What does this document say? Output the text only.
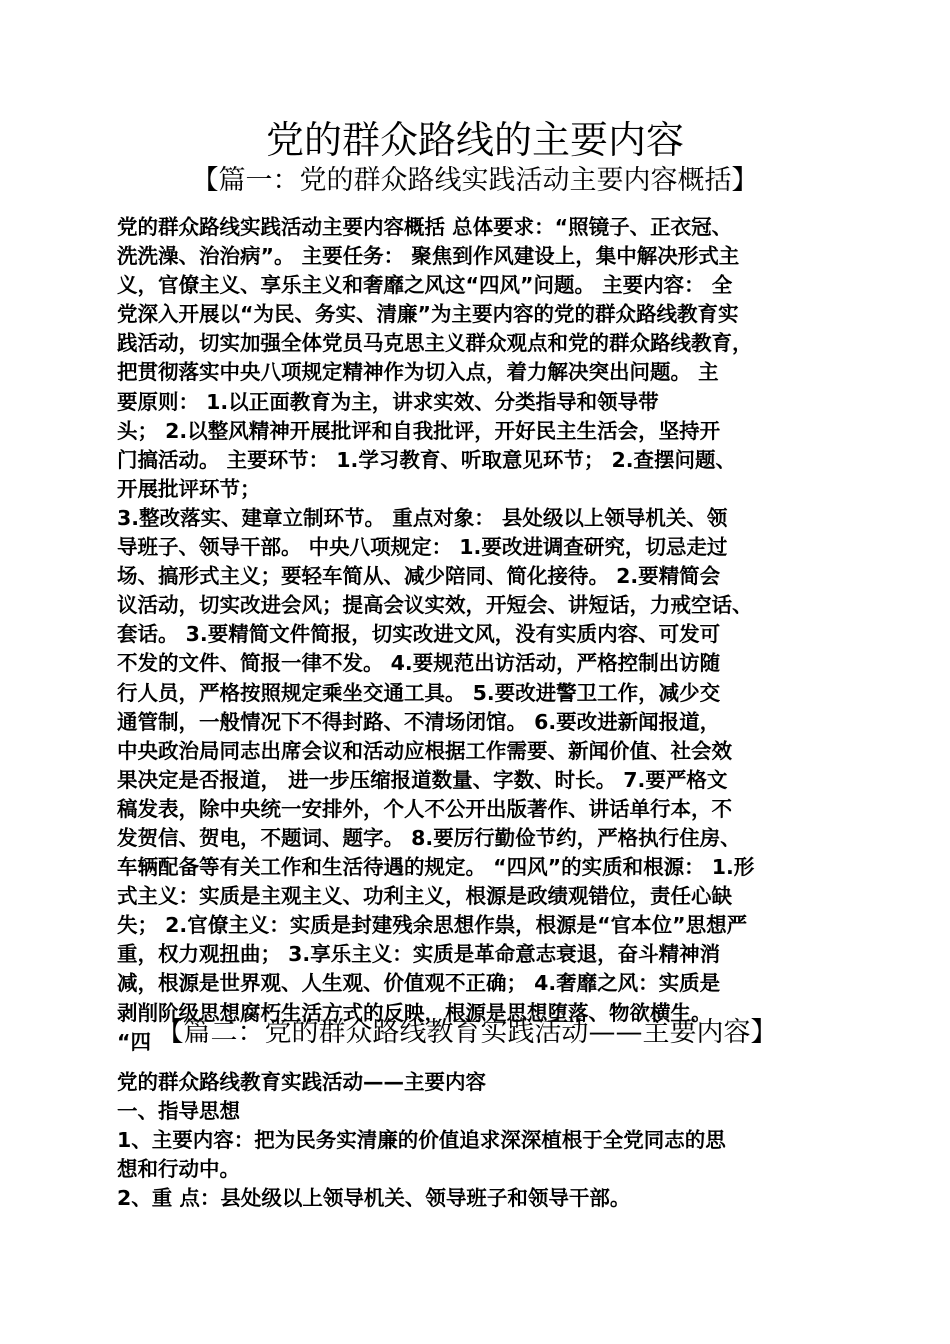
党的群众路线的主要内容
【篇一：党的群众路线实践活动主要内容概括】
党的群众路线实践活动主要内容概括 总体要求：“照镜子、正衣冠、
洗洗澡、治治病”。 主要任务： 聚焦到作风建设上，集中解决形式主
义，官僚主义、享乐主义和奢靡之风这“四风”问题。 主要内容： 全
党深入开展以“为民、务实、清廉”为主要内容的党的群众路线教育实
践活动，切实加强全体党员马克思主义群众观点和党的群众路线教育，
把贯彻落实中央八项规定精神作为切入点，着力解决突出问题。 主
要原则： 1.以正面教育为主，讲求实效、分类指导和领导带
头； 2.以整风精神开展批评和自我批评，开好民主生活会，坚持开
门搞活动。 主要环节： 1.学习教育、听取意见环节； 2.查摆问题、
开展批评环节；
3.整改落实、建章立制环节。 重点对象： 县处级以上领导机关、领
导班子、领导干部。 中央八项规定： 1.要改进调查研究，切忌走过
场、搞形式主义；要轻车简从、减少陪同、简化接待。 2.要精简会
议活动，切实改进会风；提高会议实效，开短会、讲短话，力戒空话、
套话。 3.要精简文件简报，切实改进文风，没有实质内容、可发可
不发的文件、简报一律不发。 4.要规范出访活动，严格控制出访随
行人员，严格按照规定乘坐交通工具。 5.要改进警卫工作，减少交
通管制，一般情况下不得封路、不清场闭馆。 6.要改进新闻报道，
中央政治局同志出席会议和活动应根据工作需要、新闻价值、社会效
果决定是否报道， 进一步压缩报道数量、字数、时长。 7.要严格文
稿发表，除中央统一安排外，个人不公开出版著作、讲话单行本，不
发贺信、贺电，不题词、题字。 8.要厉行勤俭节约，严格执行住房、
车辆配备等有关工作和生活待遇的规定。 “四风”的实质和根源： 1.形
式主义：实质是主观主义、功利主义，根源是政绩观错位，责任心缺
失； 2.官僚主义：实质是封建残余思想作祟，根源是“官本位”思想严
重，权力观扭曲； 3.享乐主义：实质是革命意志衰退，奋斗精神消
减，根源是世界观、人生观、价值观不正确； 4.奢靡之风：实质是
剥削阶级思想腐朽生活方式的反映，根源是思想堕落、物欲横生。
“四 【篇二：党的群众路线教育实践活动——主要内容】
党的群众路线教育实践活动——主要内容
一、指导思想
1、主要内容：把为民务实清廉的价值追求深深植根于全党同志的思
想和行动中。
2、重 点：县处级以上领导机关、领导班子和领导干部。
